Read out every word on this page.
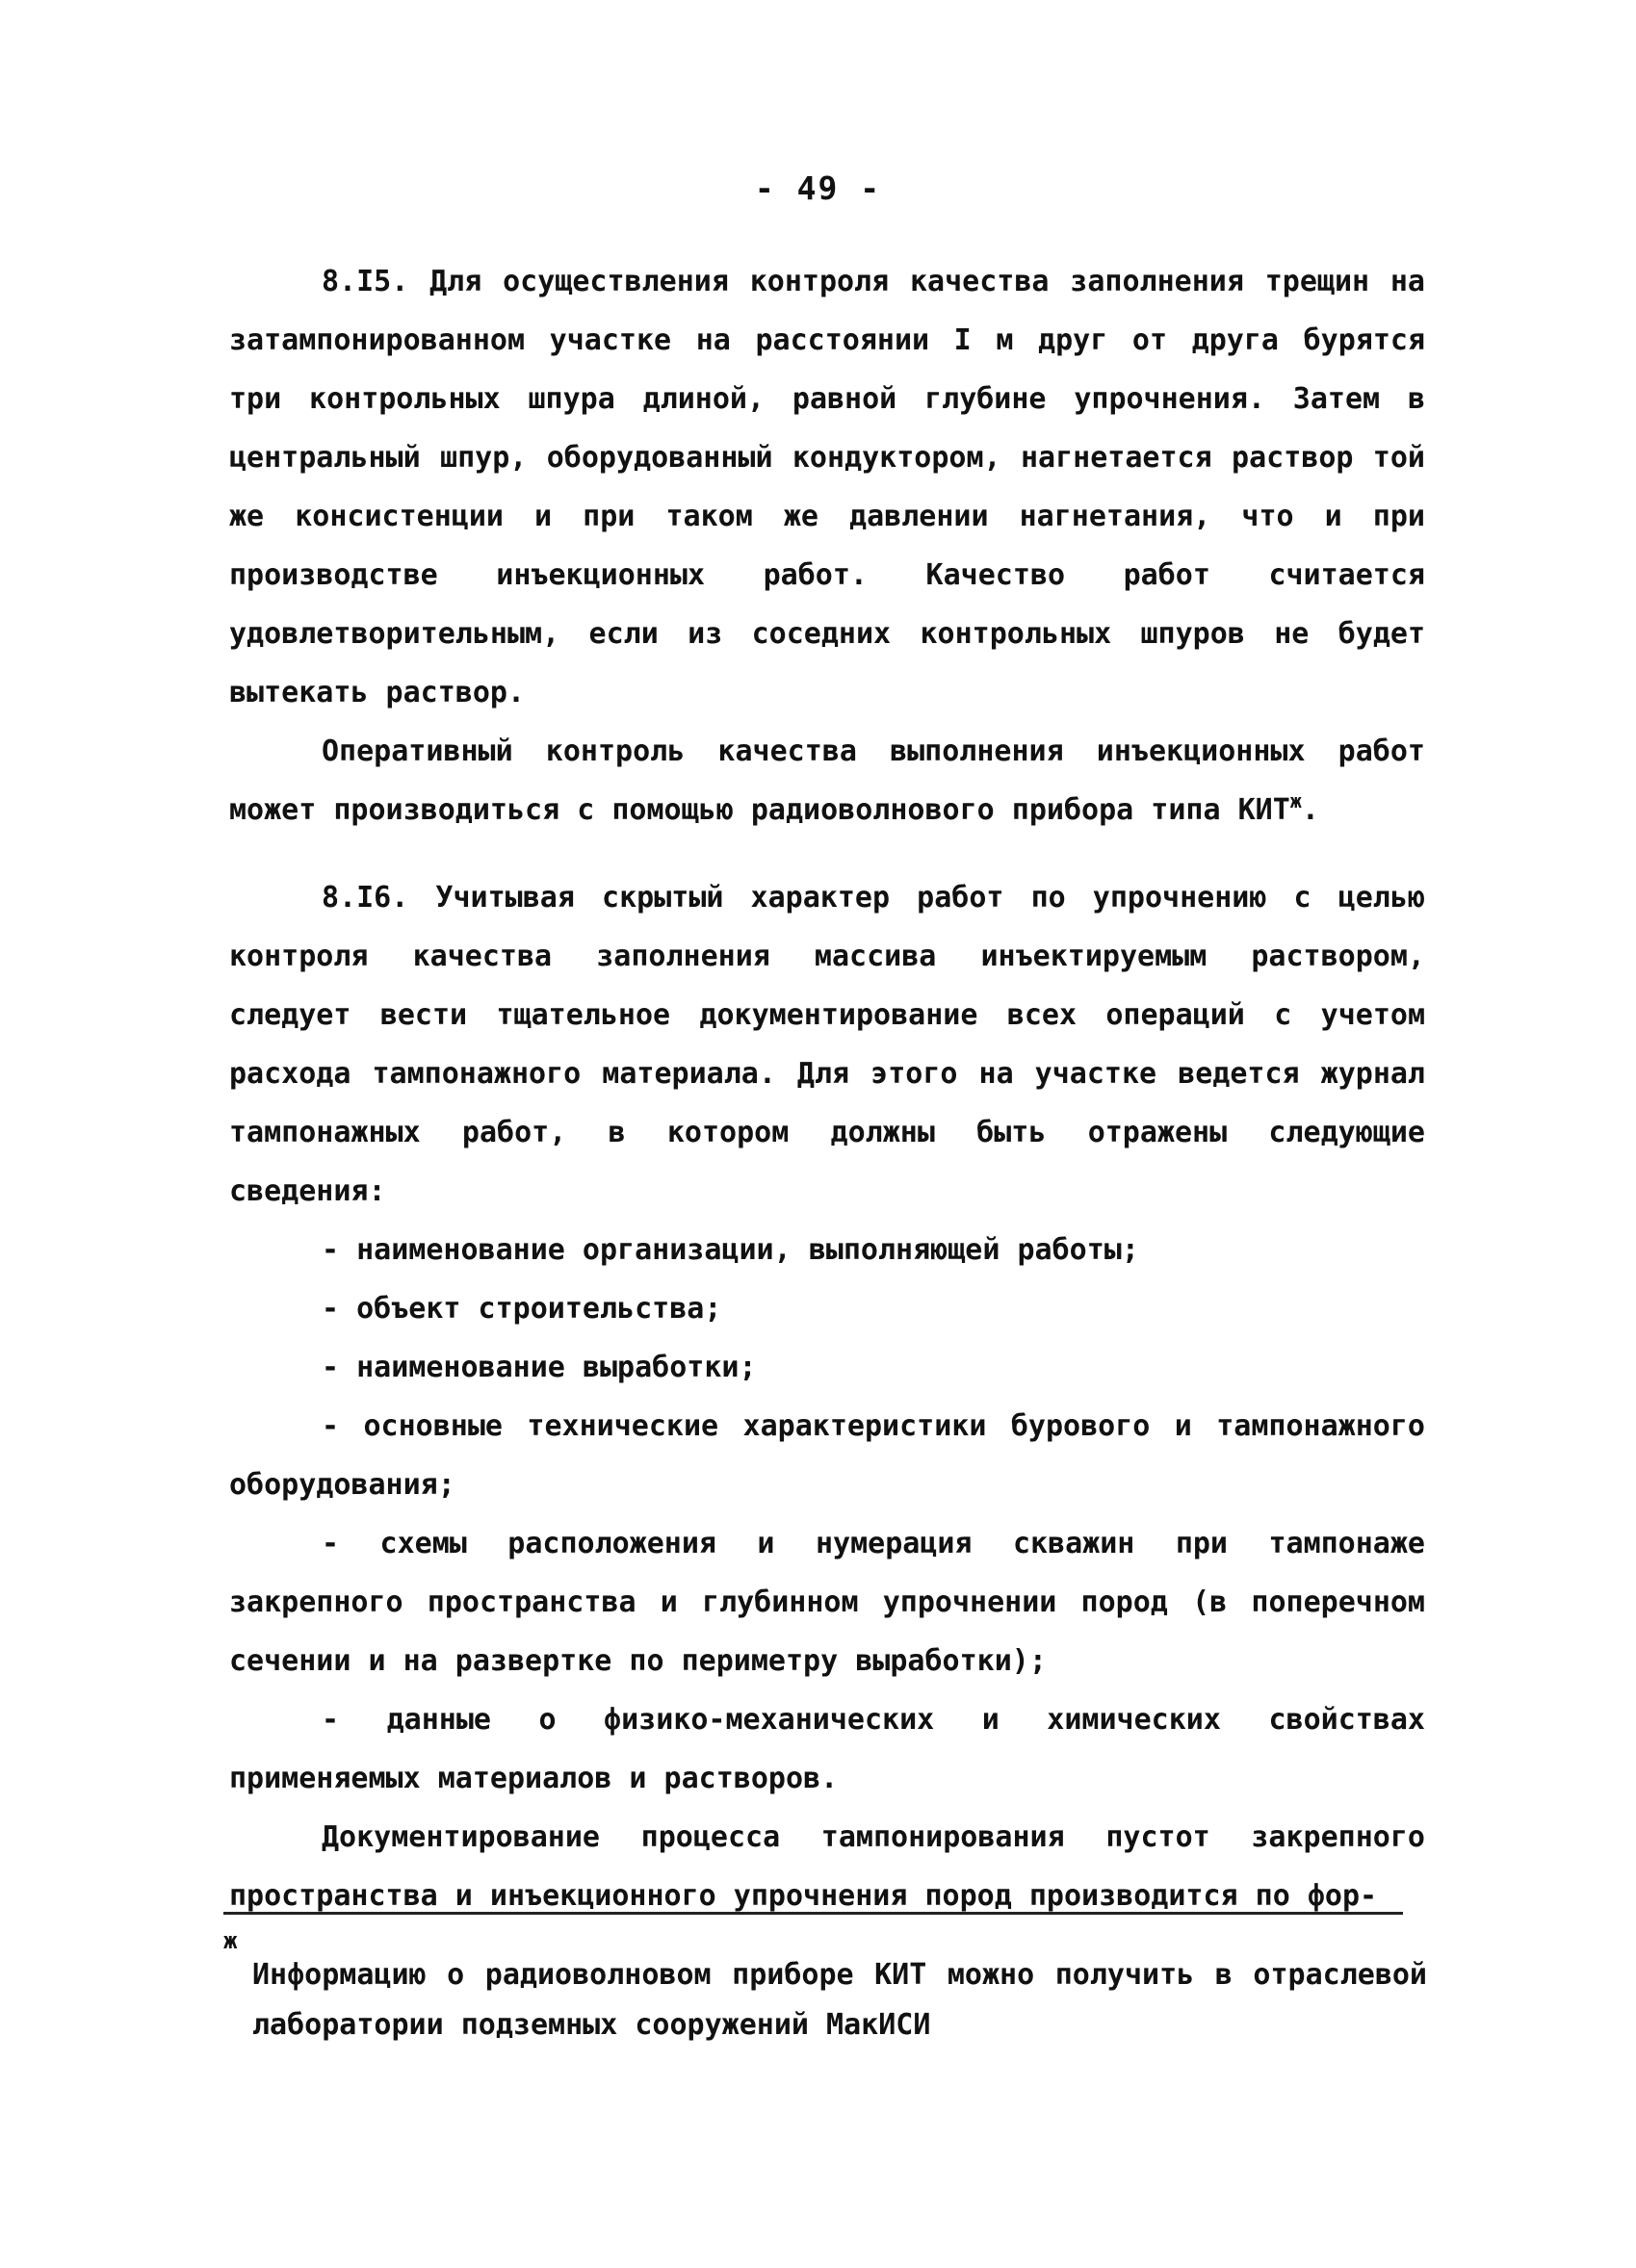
- 49 -

8.I5. Для осуществления контроля качества заполнения трещин на затампонированном участке на расстоянии I м друг от друга бурятся три контрольных шпура длиной, равной глубине упрочнения. Затем в центральный шпур, оборудованный кондуктором, нагнетается раствор той же консистенции и при таком же давлении нагнетания, что и при производстве инъекционных работ. Качество работ считается удовлетворительным, если из соседних контрольных шпуров не будет вытекать раствор.

Оперативный контроль качества выполнения инъекционных работ может производиться с помощью радиоволнового прибора типа $КИТ^ж$.

8.I6. Учитывая скрытый характер работ по упрочнению с целью контроля качества заполнения массива инъектируемым раствором, следует вести тщательное документирование всех операций с учетом расхода тампонажного материала. Для этого на участке ведется журнал тампонажных работ, в котором должны быть отражены следующие сведения:

- наименование организации, выполняющей работы;

- объект строительства;

- наименование выработки;

- основные технические характеристики бурового и тампонажного оборудования;

- схемы расположения и нумерация скважин при тампонаже закрепного пространства и глубинном упрочнении пород (в поперечном сечении и на развертке по периметру выработки);

- данные о физико-механических и химических свойствах применяемых материалов и растворов.

Документирование процесса тампонирования пустот закрепного пространства и инъекционного упрочнения пород производится по фор-

ж

Информацию о радиоволновом приборе КИТ можно получить в отраслевой лаборатории подземных сооружений МакИСИ
